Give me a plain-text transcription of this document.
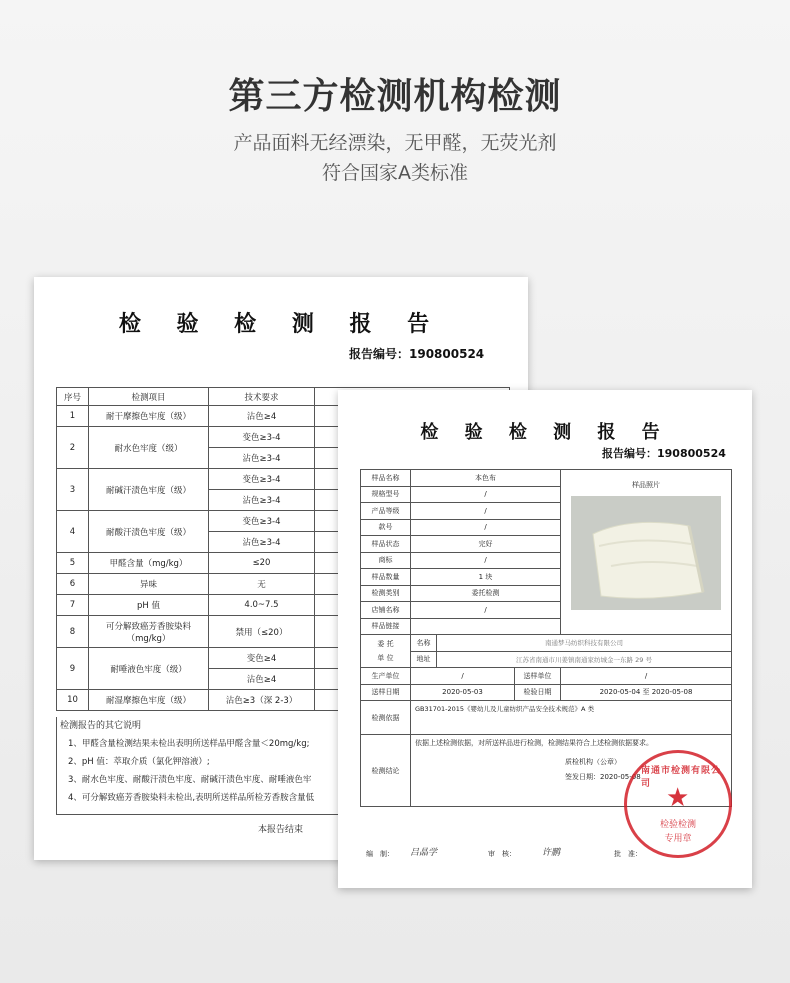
第三方检测机构检测
产品面料无经漂染，无甲醛，无荧光剂
符合国家A类标准
检 验 检 测 报 告
报告编号：190800524
序号	检测项目	技术要求	
1	耐干摩擦色牢度（级）	沾色≥4	
2	耐水色牢度（级）	变色≥3-4	
		沾色≥3-4	
3	耐碱汗渍色牢度（级）	变色≥3-4	
		沾色≥3-4	
4	耐酸汗渍色牢度（级）	变色≥3-4	
		沾色≥3-4	
5	甲醛含量（mg/kg）	≤20	
6	异味	无	
7	pH 值	4.0~7.5	
8	可分解致癌芳香胺染料（mg/kg）	禁用（≤20）	
9	耐唾液色牢度（级）	变色≥4	
		沾色≥4	
10	耐湿摩擦色牢度（级）	沾色≥3（深 2-3）	
检测报告的其它说明
1、甲醛含量检测结果未检出表明所送样品甲醛含量＜20mg/kg;
2、pH 值：萃取介质（氯化钾溶液）;
3、耐水色牢度、耐酸汗渍色牢度、耐碱汗渍色牢度、耐唾液色牢
4、可分解致癌芳香胺染料未检出,表明所送样品所检芳香胺含量低
本报告结束
检 验 检 测 报 告
报告编号：190800524
样品名称	本色布			样品照片

规格型号	/			
产品等级	/			
款号	/			
样品状态	完好			
商标	/			
样品数量	1 块			
检测类别	委托检测			
店铺名称	/			
样品链接				
委 托
单 位	名称	南通梦马纺织科技有限公司		
	地址	江苏省南通市川姜镇南通家纺城金一东路 29 号		
生产单位	/		送样单位	/
送样日期	2020-05-03		检验日期	2020-05-04 至 2020-05-08
检测依据	GB31701-2015《婴幼儿及儿童纺织产品安全技术规范》A 类			
检测结论	依据上述检测依据，对所送样品进行检测，检测结果符合上述检测依据要求。
质检机构（公章）
签发日期：2020-05-08			
南通市检测有限公司 ★
检验检测
专用章
编　制： 吕晶学	审　核：	许鹏	批　准：
